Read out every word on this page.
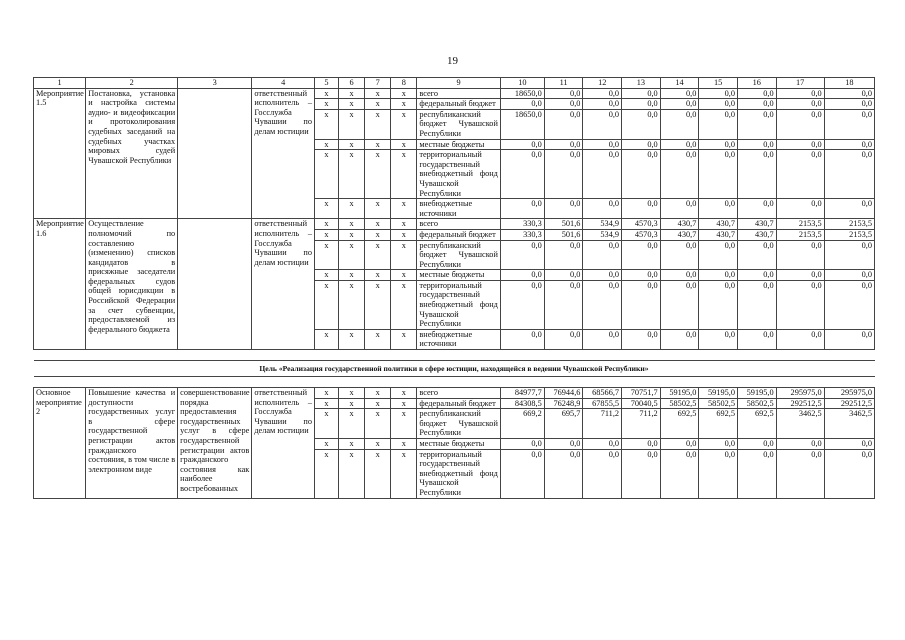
19
1	2	3	4	5	6	7	8	9	10	11	12	13	14	15	16	17	18
Мероприятие 1.5	Постановка, установка и настройка системы аудио- и видеофиксации и протоколирования судебных заседаний на судебных участках мировых судей Чувашской Республики		ответственный исполнитель – Госслужба Чувашии по делам юстиции	х	х	х	х	всего	18650,0	0,0	0,0	0,0	0,0	0,0	0,0	0,0	0,0
				х	х	х	х	федеральный бюджет	0,0	0,0	0,0	0,0	0,0	0,0	0,0	0,0	0,0
				х	х	х	х	республиканский бюджет Чувашской Республики	18650,0	0,0	0,0	0,0	0,0	0,0	0,0	0,0	0,0
				х	х	х	х	местные бюджеты	0,0	0,0	0,0	0,0	0,0	0,0	0,0	0,0	0,0
				х	х	х	х	территориальный государственный внебюджетный фонд Чувашской Республики	0,0	0,0	0,0	0,0	0,0	0,0	0,0	0,0	0,0
				х	х	х	х	внебюджетные источники	0,0	0,0	0,0	0,0	0,0	0,0	0,0	0,0	0,0
Мероприятие 1.6	Осуществление полномочий по составлению (изменению) списков кандидатов в присяжные заседатели федеральных судов общей юрисдикции в Российской Федерации за счет субвенции, предоставляемой из федерального бюджета		ответственный исполнитель – Госслужба Чувашии по делам юстиции	х	х	х	х	всего	330,3	501,6	534,9	4570,3	430,7	430,7	430,7	2153,5	2153,5
				х	х	х	х	федеральный бюджет	330,3	501,6	534,9	4570,3	430,7	430,7	430,7	2153,5	2153,5
				х	х	х	х	республиканский бюджет Чувашской Республики	0,0	0,0	0,0	0,0	0,0	0,0	0,0	0,0	0,0
				х	х	х	х	местные бюджеты	0,0	0,0	0,0	0,0	0,0	0,0	0,0	0,0	0,0
				х	х	х	х	территориальный государственный внебюджетный фонд Чувашской Республики	0,0	0,0	0,0	0,0	0,0	0,0	0,0	0,0	0,0
				х	х	х	х	внебюджетные источники	0,0	0,0	0,0	0,0	0,0	0,0	0,0	0,0	0,0

Цель «Реализация государственной политики в сфере юстиции, находящейся в ведении Чувашской Республики»																	

Основное мероприятие 2	Повышение качества и доступности государственных услуг в сфере государственной регистрации актов гражданского состояния, в том числе в электронном виде	совершенствование порядка предоставления государственных услуг в сфере государственной регистрации актов гражданского состояния как наиболее востребованных	ответственный исполнитель – Госслужба Чувашии по делам юстиции	х	х	х	х	всего	84977,7	76944,6	68566,7	70751,7	59195,0	59195,0	59195,0	295975,0	295975,0
				х	х	х	х	федеральный бюджет	84308,5	76248,9	67855,5	70040,5	58502,5	58502,5	58502,5	292512,5	292512,5
				х	х	х	х	республиканский бюджет Чувашской Республики	669,2	695,7	711,2	711,2	692,5	692,5	692,5	3462,5	3462,5
				х	х	х	х	местные бюджеты	0,0	0,0	0,0	0,0	0,0	0,0	0,0	0,0	0,0
				х	х	х	х	территориальный государственный внебюджетный фонд Чувашской Республики	0,0	0,0	0,0	0,0	0,0	0,0	0,0	0,0	0,0
